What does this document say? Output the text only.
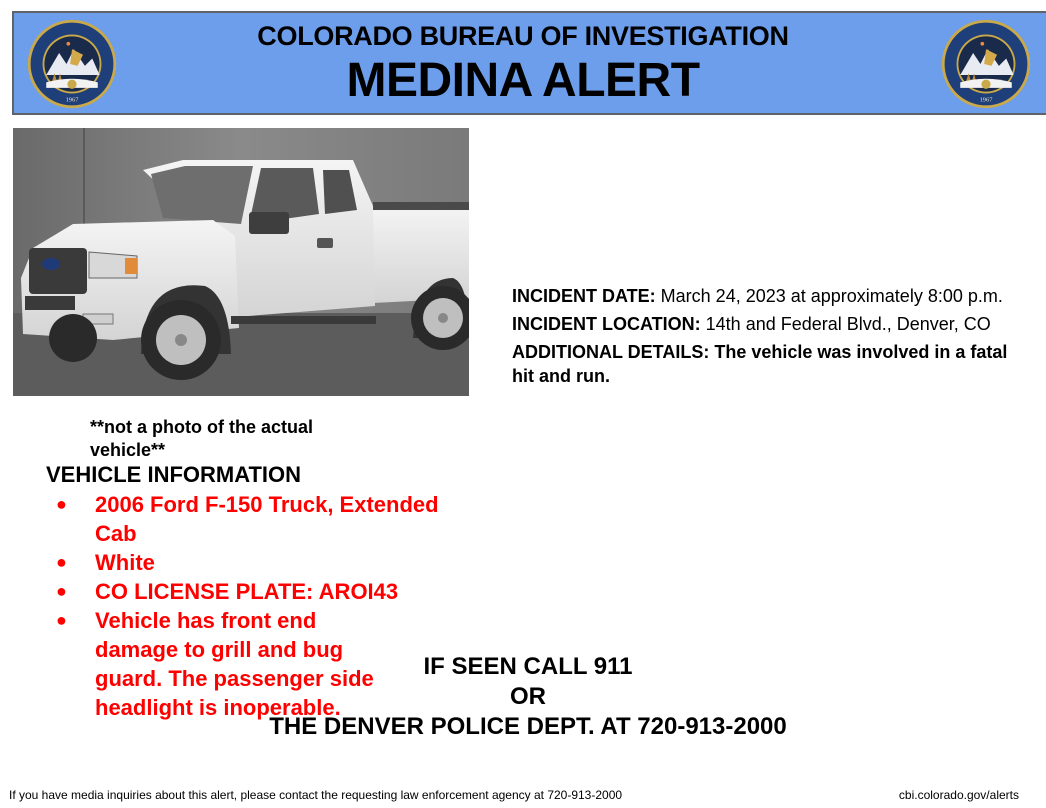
1967
COLORADO BUREAU OF INVESTIGATION
MEDINA ALERT	1967
**not a photo of the actual vehicle**
VEHICLE INFORMATION
● 2006 Ford F-150 Truck, Extended Cab
● White
● CO LICENSE PLATE: AROI43
● Vehicle has front end damage to grill and bug guard. The passenger side headlight is inoperable.
INCIDENT DATE: March 24, 2023 at approximately 8:00 p.m.
INCIDENT LOCATION: 14th and Federal Blvd., Denver, CO
ADDITIONAL DETAILS: The vehicle was involved in a fatal hit and run.
IF SEEN CALL 911
OR
THE DENVER POLICE DEPT. AT 720-913-2000
If you have media inquiries about this alert, please contact the requesting law enforcement agency at 720-913-2000	cbi.colorado.gov/alerts
